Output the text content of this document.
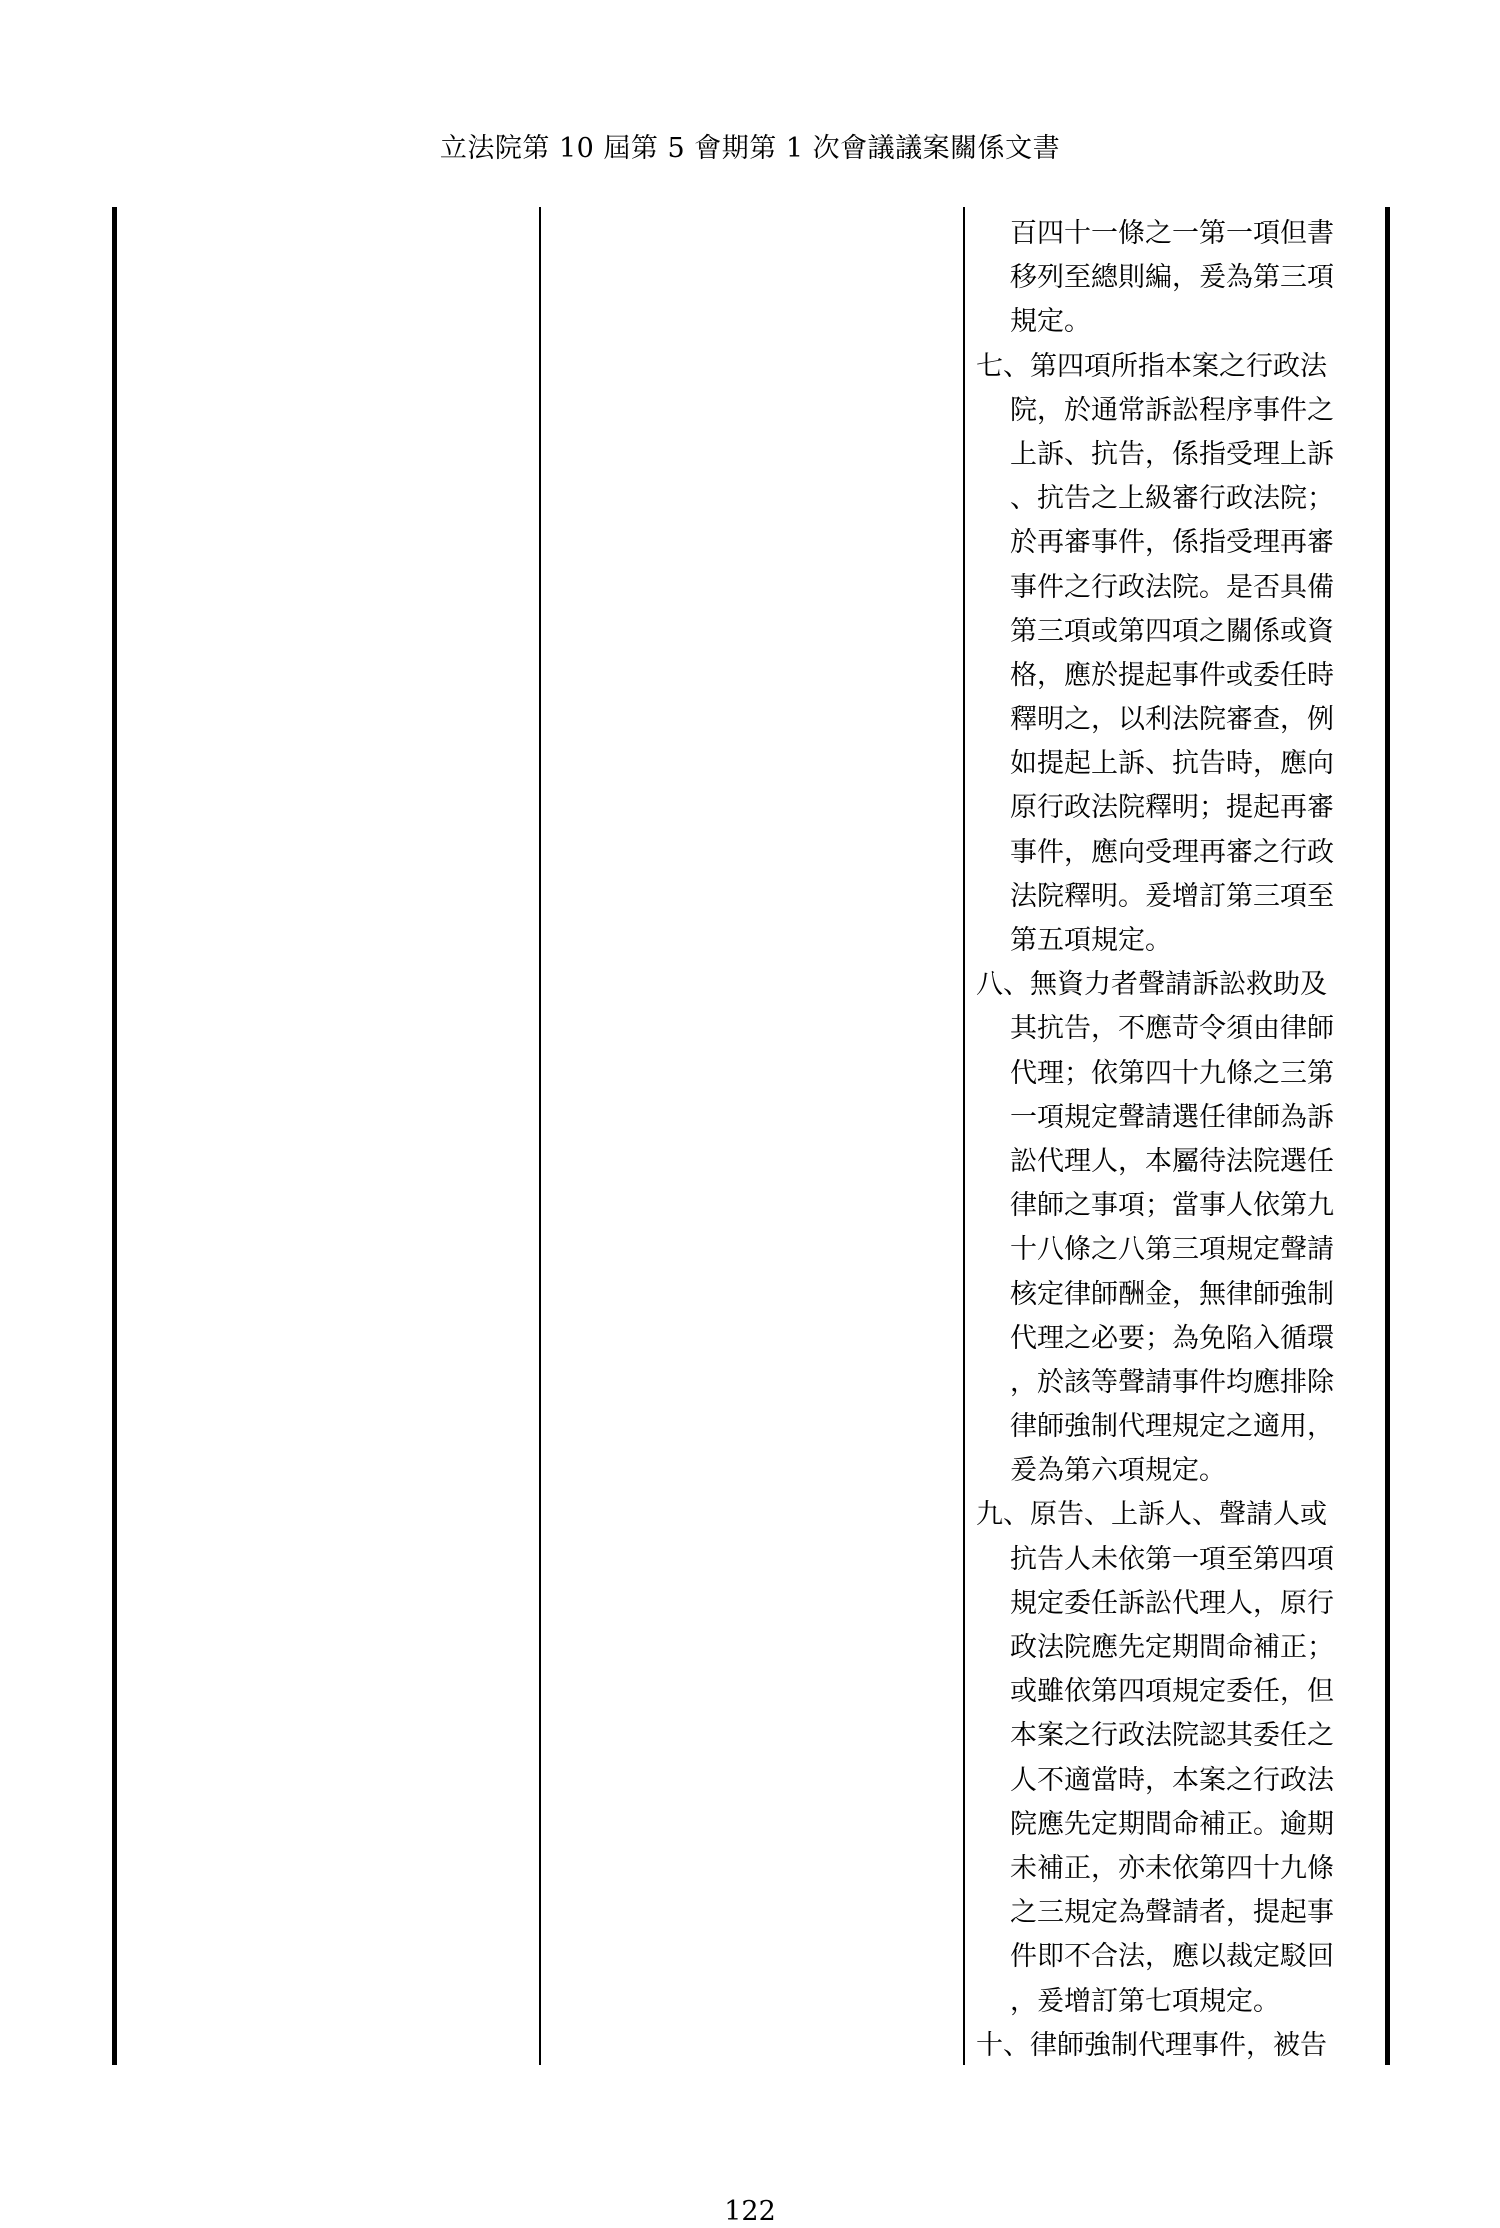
立法院第 10 屆第 5 會期第 1 次會議議案關係文書
百四十一條之一第一項但書
移列至總則編，爰為第三項
規定。
七、第四項所指本案之行政法
院，於通常訴訟程序事件之
上訴、抗告，係指受理上訴
、抗告之上級審行政法院；
於再審事件，係指受理再審
事件之行政法院。是否具備
第三項或第四項之關係或資
格，應於提起事件或委任時
釋明之，以利法院審查，例
如提起上訴、抗告時，應向
原行政法院釋明；提起再審
事件，應向受理再審之行政
法院釋明。爰增訂第三項至
第五項規定。
八、無資力者聲請訴訟救助及
其抗告，不應苛令須由律師
代理；依第四十九條之三第
一項規定聲請選任律師為訴
訟代理人，本屬待法院選任
律師之事項；當事人依第九
十八條之八第三項規定聲請
核定律師酬金，無律師強制
代理之必要；為免陷入循環
，於該等聲請事件均應排除
律師強制代理規定之適用，
爰為第六項規定。
九、原告、上訴人、聲請人或
抗告人未依第一項至第四項
規定委任訴訟代理人，原行
政法院應先定期間命補正；
或雖依第四項規定委任，但
本案之行政法院認其委任之
人不適當時，本案之行政法
院應先定期間命補正。逾期
未補正，亦未依第四十九條
之三規定為聲請者，提起事
件即不合法，應以裁定駁回
，爰增訂第七項規定。
十、律師強制代理事件，被告
122
